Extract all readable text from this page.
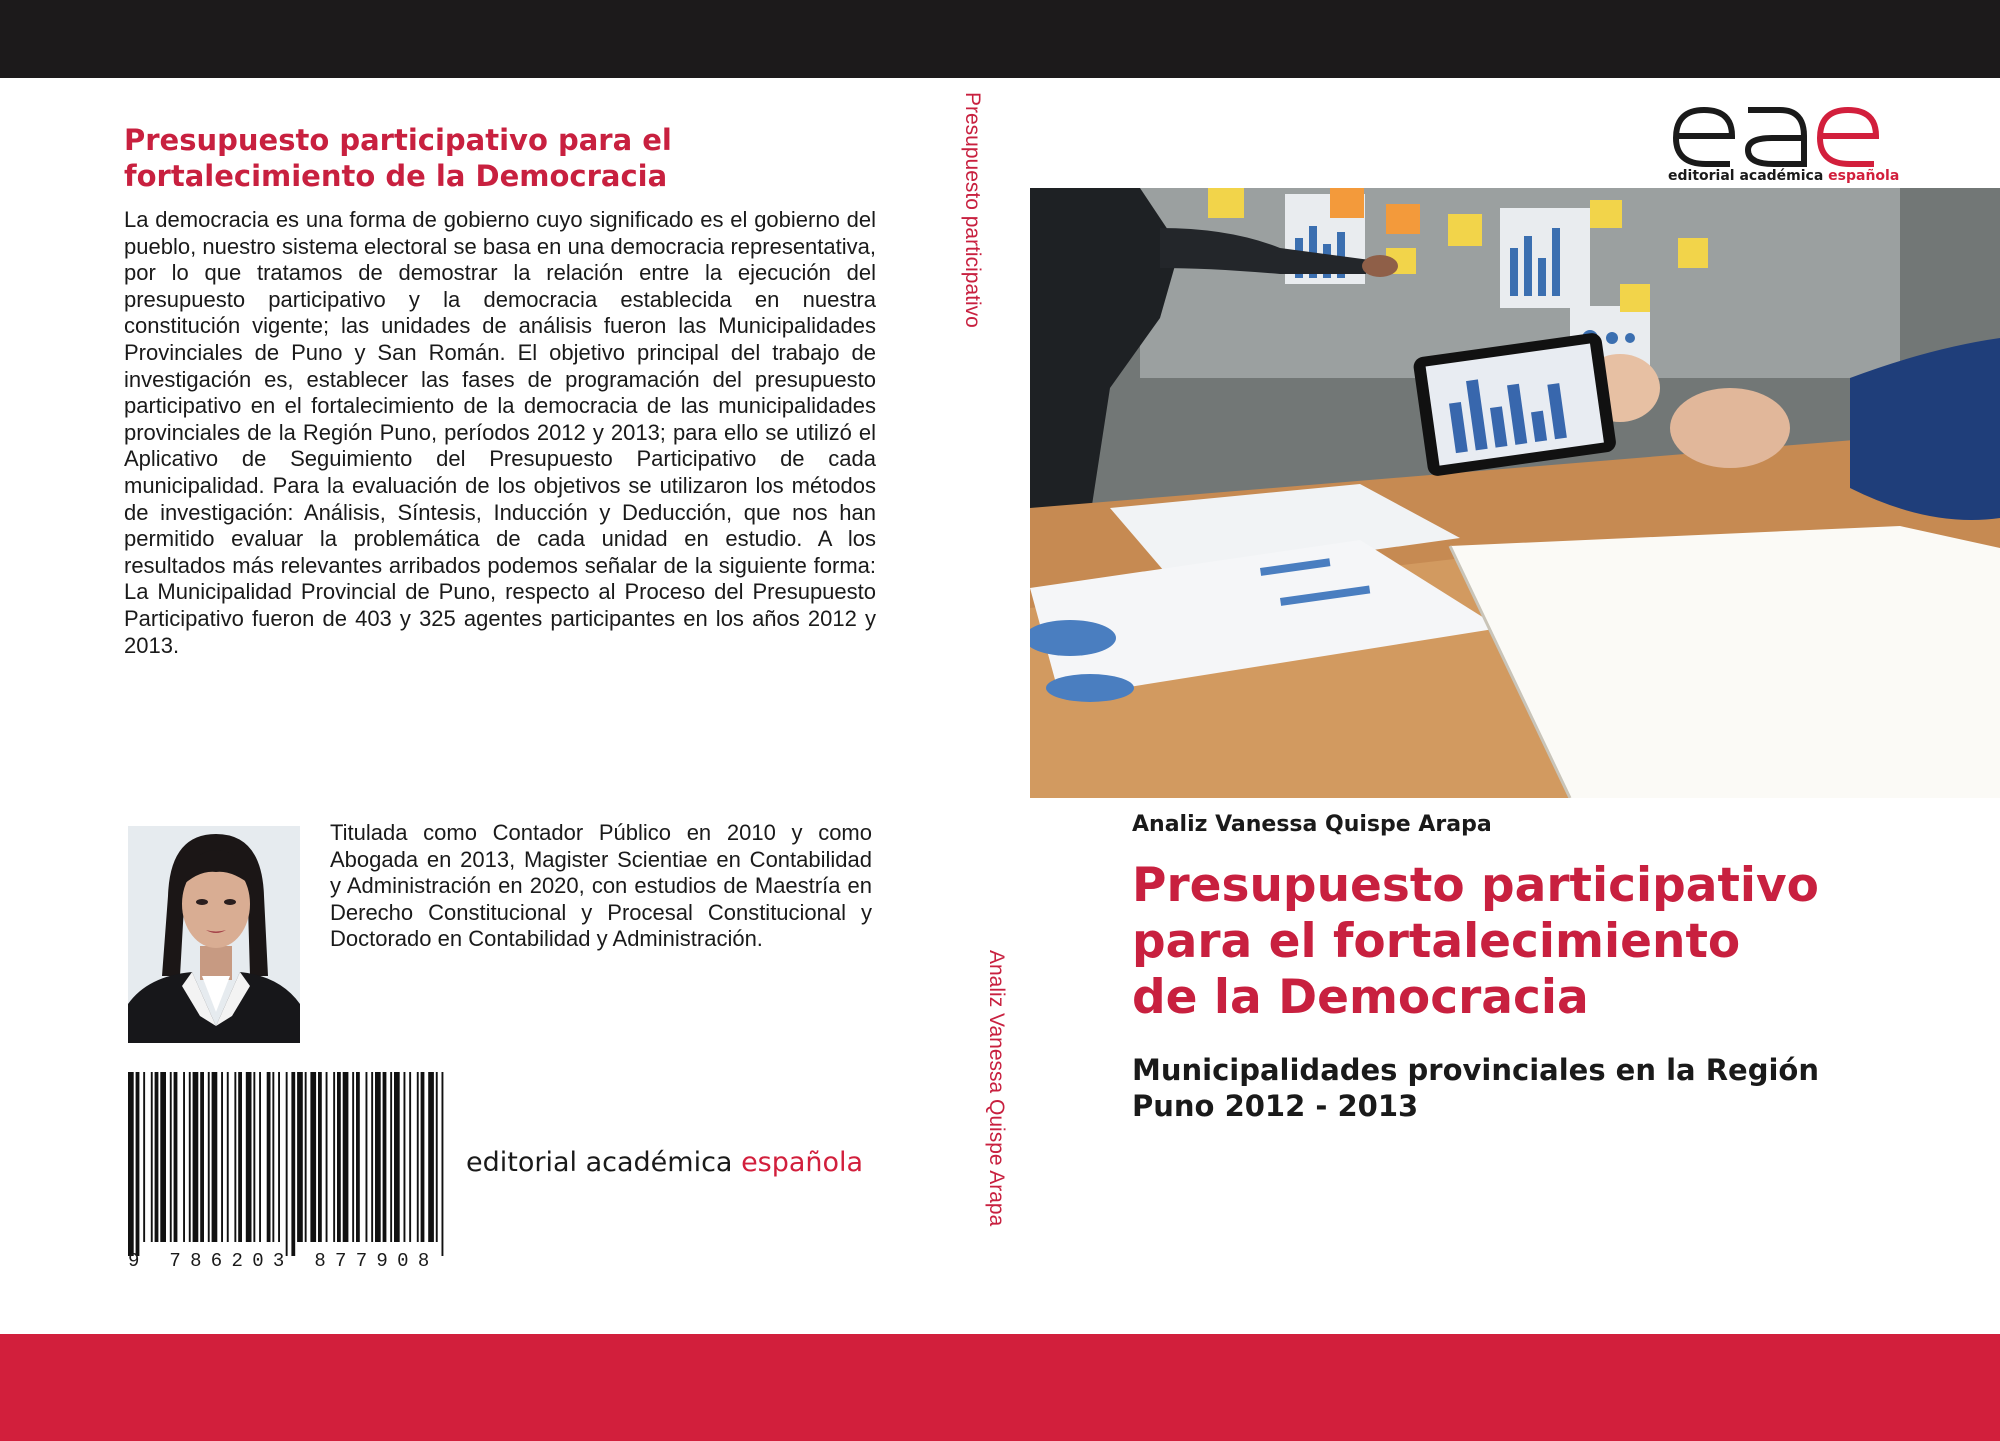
Presupuesto participativo para el
fortalecimiento de la Democracia

La democracia es una forma de gobierno cuyo significado es el gobierno del pueblo, nuestro sistema electoral se basa en una democracia representativa, por lo que tratamos de demostrar la relación entre la ejecución del presupuesto participativo y la democracia establecida en nuestra constitución vigente; las unidades de análisis fueron las Municipalidades Provinciales de Puno y San Román. El objetivo principal del trabajo de investigación es, establecer las fases de programación del presupuesto participativo en el fortalecimiento de la democracia de las municipalidades provinciales de la Región Puno, períodos 2012 y 2013; para ello se utilizó el Aplicativo de Seguimiento del Presupuesto Participativo de cada municipalidad. Para la evaluación de los objetivos se utilizaron los métodos de investigación: Análisis, Síntesis, Inducción y Deducción, que nos han permitido evaluar la problemática de cada unidad en estudio. A los resultados más relevantes arribados podemos señalar de la siguiente forma: La Municipalidad Provincial de Puno, respecto al Proceso del Presupuesto Participativo fueron de 403 y 325 agentes participantes en los años 2012 y 2013.

Titulada como Contador Público en 2010 y como Abogada en 2013, Magister Scientiae en Contabilidad y Administración en 2020, con estudios de Maestría en Derecho Constitucional y Procesal Constitucional y Doctorado en Contabilidad y Administración.

9 786203 877908
editorial académica española
Presupuesto participativo
Analiz Vanessa Quispe Arapa
editorial académica española
Analiz Vanessa Quispe Arapa
Presupuesto participativo
para el fortalecimiento
de la Democracia
Municipalidades provinciales en la Región
Puno 2012 - 2013
